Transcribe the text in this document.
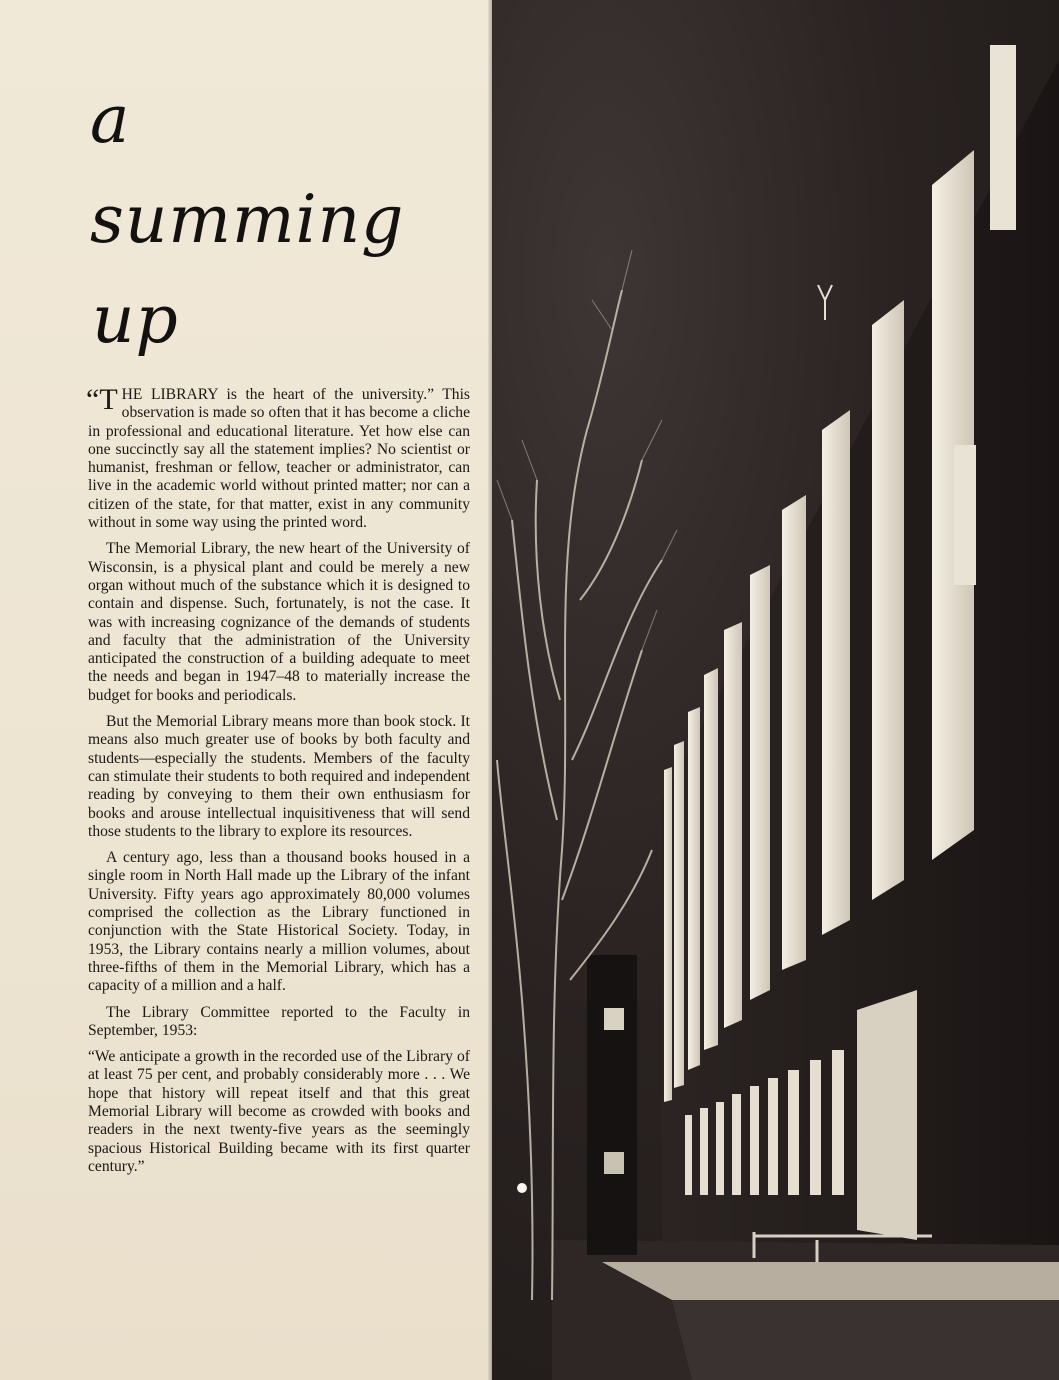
a
summing
up

“THE LIBRARY is the heart of the university.” This observation is made so often that it has become a cliche in professional and educational literature. Yet how else can one succinctly say all the statement implies? No scientist or humanist, freshman or fellow, teacher or administrator, can live in the academic world without printed matter; nor can a citizen of the state, for that matter, exist in any community without in some way using the printed word.

The Memorial Library, the new heart of the University of Wisconsin, is a physical plant and could be merely a new organ without much of the substance which it is designed to contain and dispense. Such, fortunately, is not the case. It was with increasing cognizance of the demands of students and faculty that the administration of the University anticipated the construction of a building adequate to meet the needs and began in 1947–48 to materially increase the budget for books and periodicals.

But the Memorial Library means more than book stock. It means also much greater use of books by both faculty and students—especially the students. Members of the faculty can stimulate their students to both required and independent reading by conveying to them their own enthusiasm for books and arouse intellectual inquisitiveness that will send those students to the library to explore its resources.

A century ago, less than a thousand books housed in a single room in North Hall made up the Library of the infant University. Fifty years ago approximately 80,000 volumes comprised the collection as the Library functioned in conjunction with the State Historical Society. Today, in 1953, the Library contains nearly a million volumes, about three-fifths of them in the Memorial Library, which has a capacity of a million and a half.

The Library Committee reported to the Faculty in September, 1953:

“We anticipate a growth in the recorded use of the Library of at least 75 per cent, and probably considerably more . . . We hope that history will repeat itself and that this great Memorial Library will become as crowded with books and readers in the next twenty-five years as the seemingly spacious Historical Building became with its first quarter century.”
